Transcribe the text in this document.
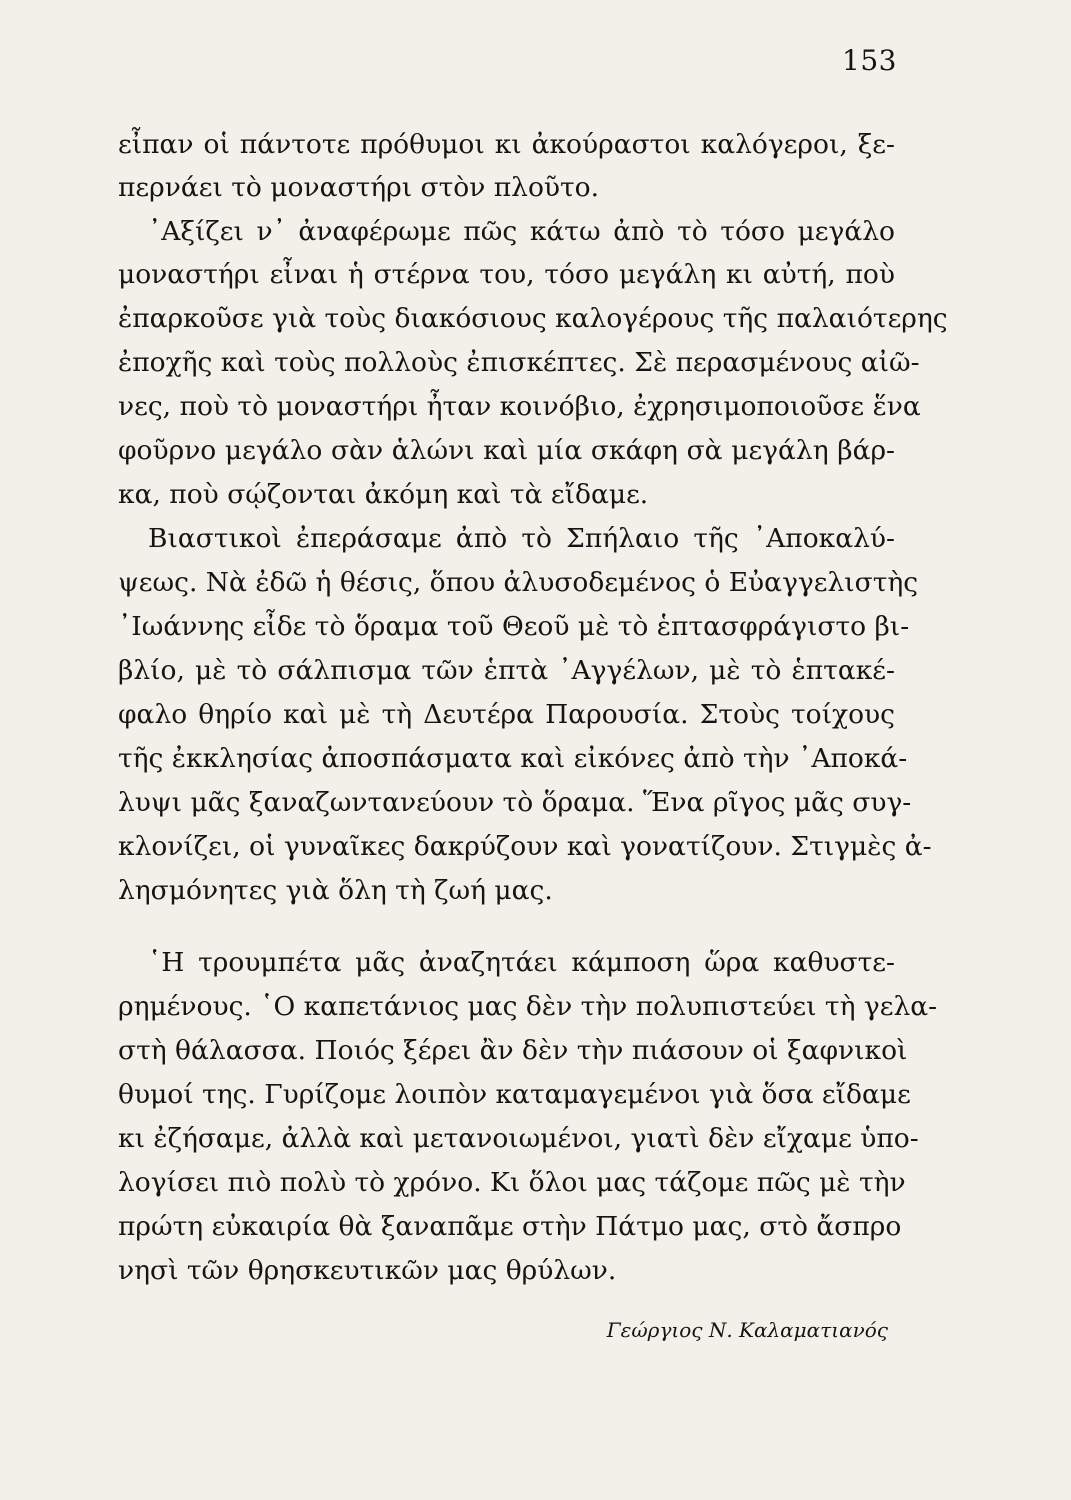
153
εἶπαν οἱ πάντοτε πρόθυμοι κι ἀκούραστοι καλόγεροι, ξε-
περνάει τὸ μοναστήρι στὸν πλοῦτο.
᾿Αξίζει ν᾿ ἀναφέρωμε πῶς κάτω ἀπὸ τὸ τόσο μεγάλο
μοναστήρι εἶναι ἡ στέρνα του, τόσο μεγάλη κι αὐτή, ποὺ
ἐπαρκοῦσε γιὰ τοὺς διακόσιους καλογέρους τῆς παλαιότερης
ἐποχῆς καὶ τοὺς πολλοὺς ἐπισκέπτες. Σὲ περασμένους αἰῶ-
νες, ποὺ τὸ μοναστήρι ἦταν κοινόβιο, ἐχρησιμοποιοῦσε ἕνα
φοῦρνο μεγάλο σὰν ἁλώνι καὶ μία σκάφη σὰ μεγάλη βάρ-
κα, ποὺ σῴζονται ἀκόμη καὶ τὰ εἴδαμε.
Βιαστικοὶ ἐπεράσαμε ἀπὸ τὸ Σπήλαιο τῆς ᾿Αποκαλύ-
ψεως. Νὰ ἐδῶ ἡ θέσις, ὅπου ἀλυσοδεμένος ὁ Εὐαγγελιστὴς
᾿Ιωάννης εἶδε τὸ ὅραμα τοῦ Θεοῦ μὲ τὸ ἑπτασφράγιστο βι-
βλίο, μὲ τὸ σάλπισμα τῶν ἑπτὰ ᾿Αγγέλων, μὲ τὸ ἑπτακέ-
φαλο θηρίο καὶ μὲ τὴ Δευτέρα Παρουσία. Στοὺς τοίχους
τῆς ἐκκλησίας ἀποσπάσματα καὶ εἰκόνες ἀπὸ τὴν ᾿Αποκά-
λυψι μᾶς ξαναζωντανεύουν τὸ ὅραμα. Ἕνα ρῖγος μᾶς συγ-
κλονίζει, οἱ γυναῖκες δακρύζουν καὶ γονατίζουν. Στιγμὲς ἀ-
λησμόνητες γιὰ ὅλη τὴ ζωή μας.
῾Η τρουμπέτα μᾶς ἀναζητάει κάμποση ὥρα καθυστε-
ρημένους. ῾Ο καπετάνιος μας δὲν τὴν πολυπιστεύει τὴ γελα-
στὴ θάλασσα. Ποιός ξέρει ἂν δὲν τὴν πιάσουν οἱ ξαφνικοὶ
θυμοί της. Γυρίζομε λοιπὸν καταμαγεμένοι γιὰ ὅσα εἴδαμε
κι ἐζήσαμε, ἀλλὰ καὶ μετανοιωμένοι, γιατὶ δὲν εἴχαμε ὑπο-
λογίσει πιὸ πολὺ τὸ χρόνο. Κι ὅλοι μας τάζομε πῶς μὲ τὴν
πρώτη εὐκαιρία θὰ ξαναπᾶμε στὴν Πάτμο μας, στὸ ἄσπρο
νησὶ τῶν θρησκευτικῶν μας θρύλων.
Γεώργιος Ν. Καλαματιανός
